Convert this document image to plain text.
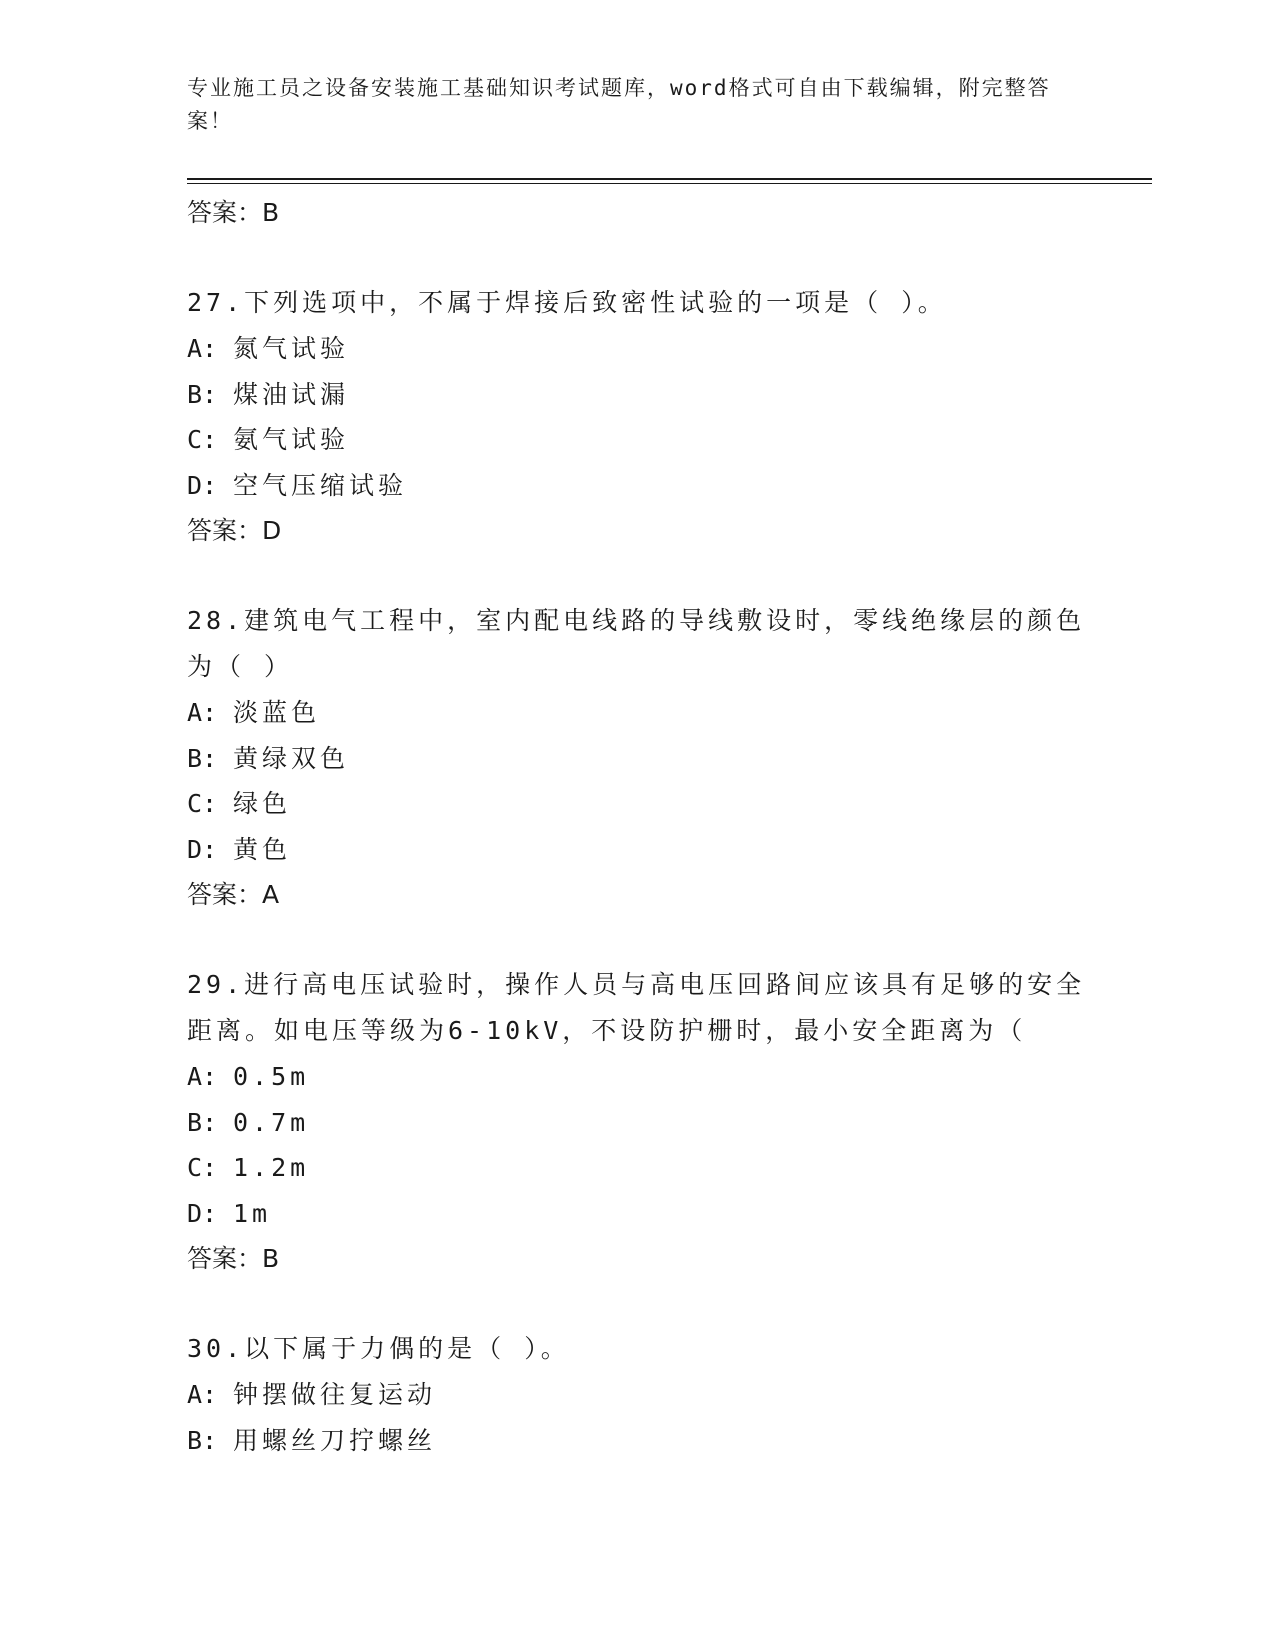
专业施工员之设备安装施工基础知识考试题库，word格式可自由下载编辑，附完整答案！
答案：B
27.下列选项中，不属于焊接后致密性试验的一项是（ ）。
A: 氮气试验
B: 煤油试漏
C: 氨气试验
D: 空气压缩试验
答案：D
28.建筑电气工程中，室内配电线路的导线敷设时，零线绝缘层的颜色为（ ）
A: 淡蓝色
B: 黄绿双色
C: 绿色
D: 黄色
答案：A
29.进行高电压试验时，操作人员与高电压回路间应该具有足够的安全距离。如电压等级为6-10kV，不设防护栅时，最小安全距离为（
A: 0.5m
B: 0.7m
C: 1.2m
D: 1m
答案：B
30.以下属于力偶的是（ ）。
A: 钟摆做往复运动
B: 用螺丝刀拧螺丝
